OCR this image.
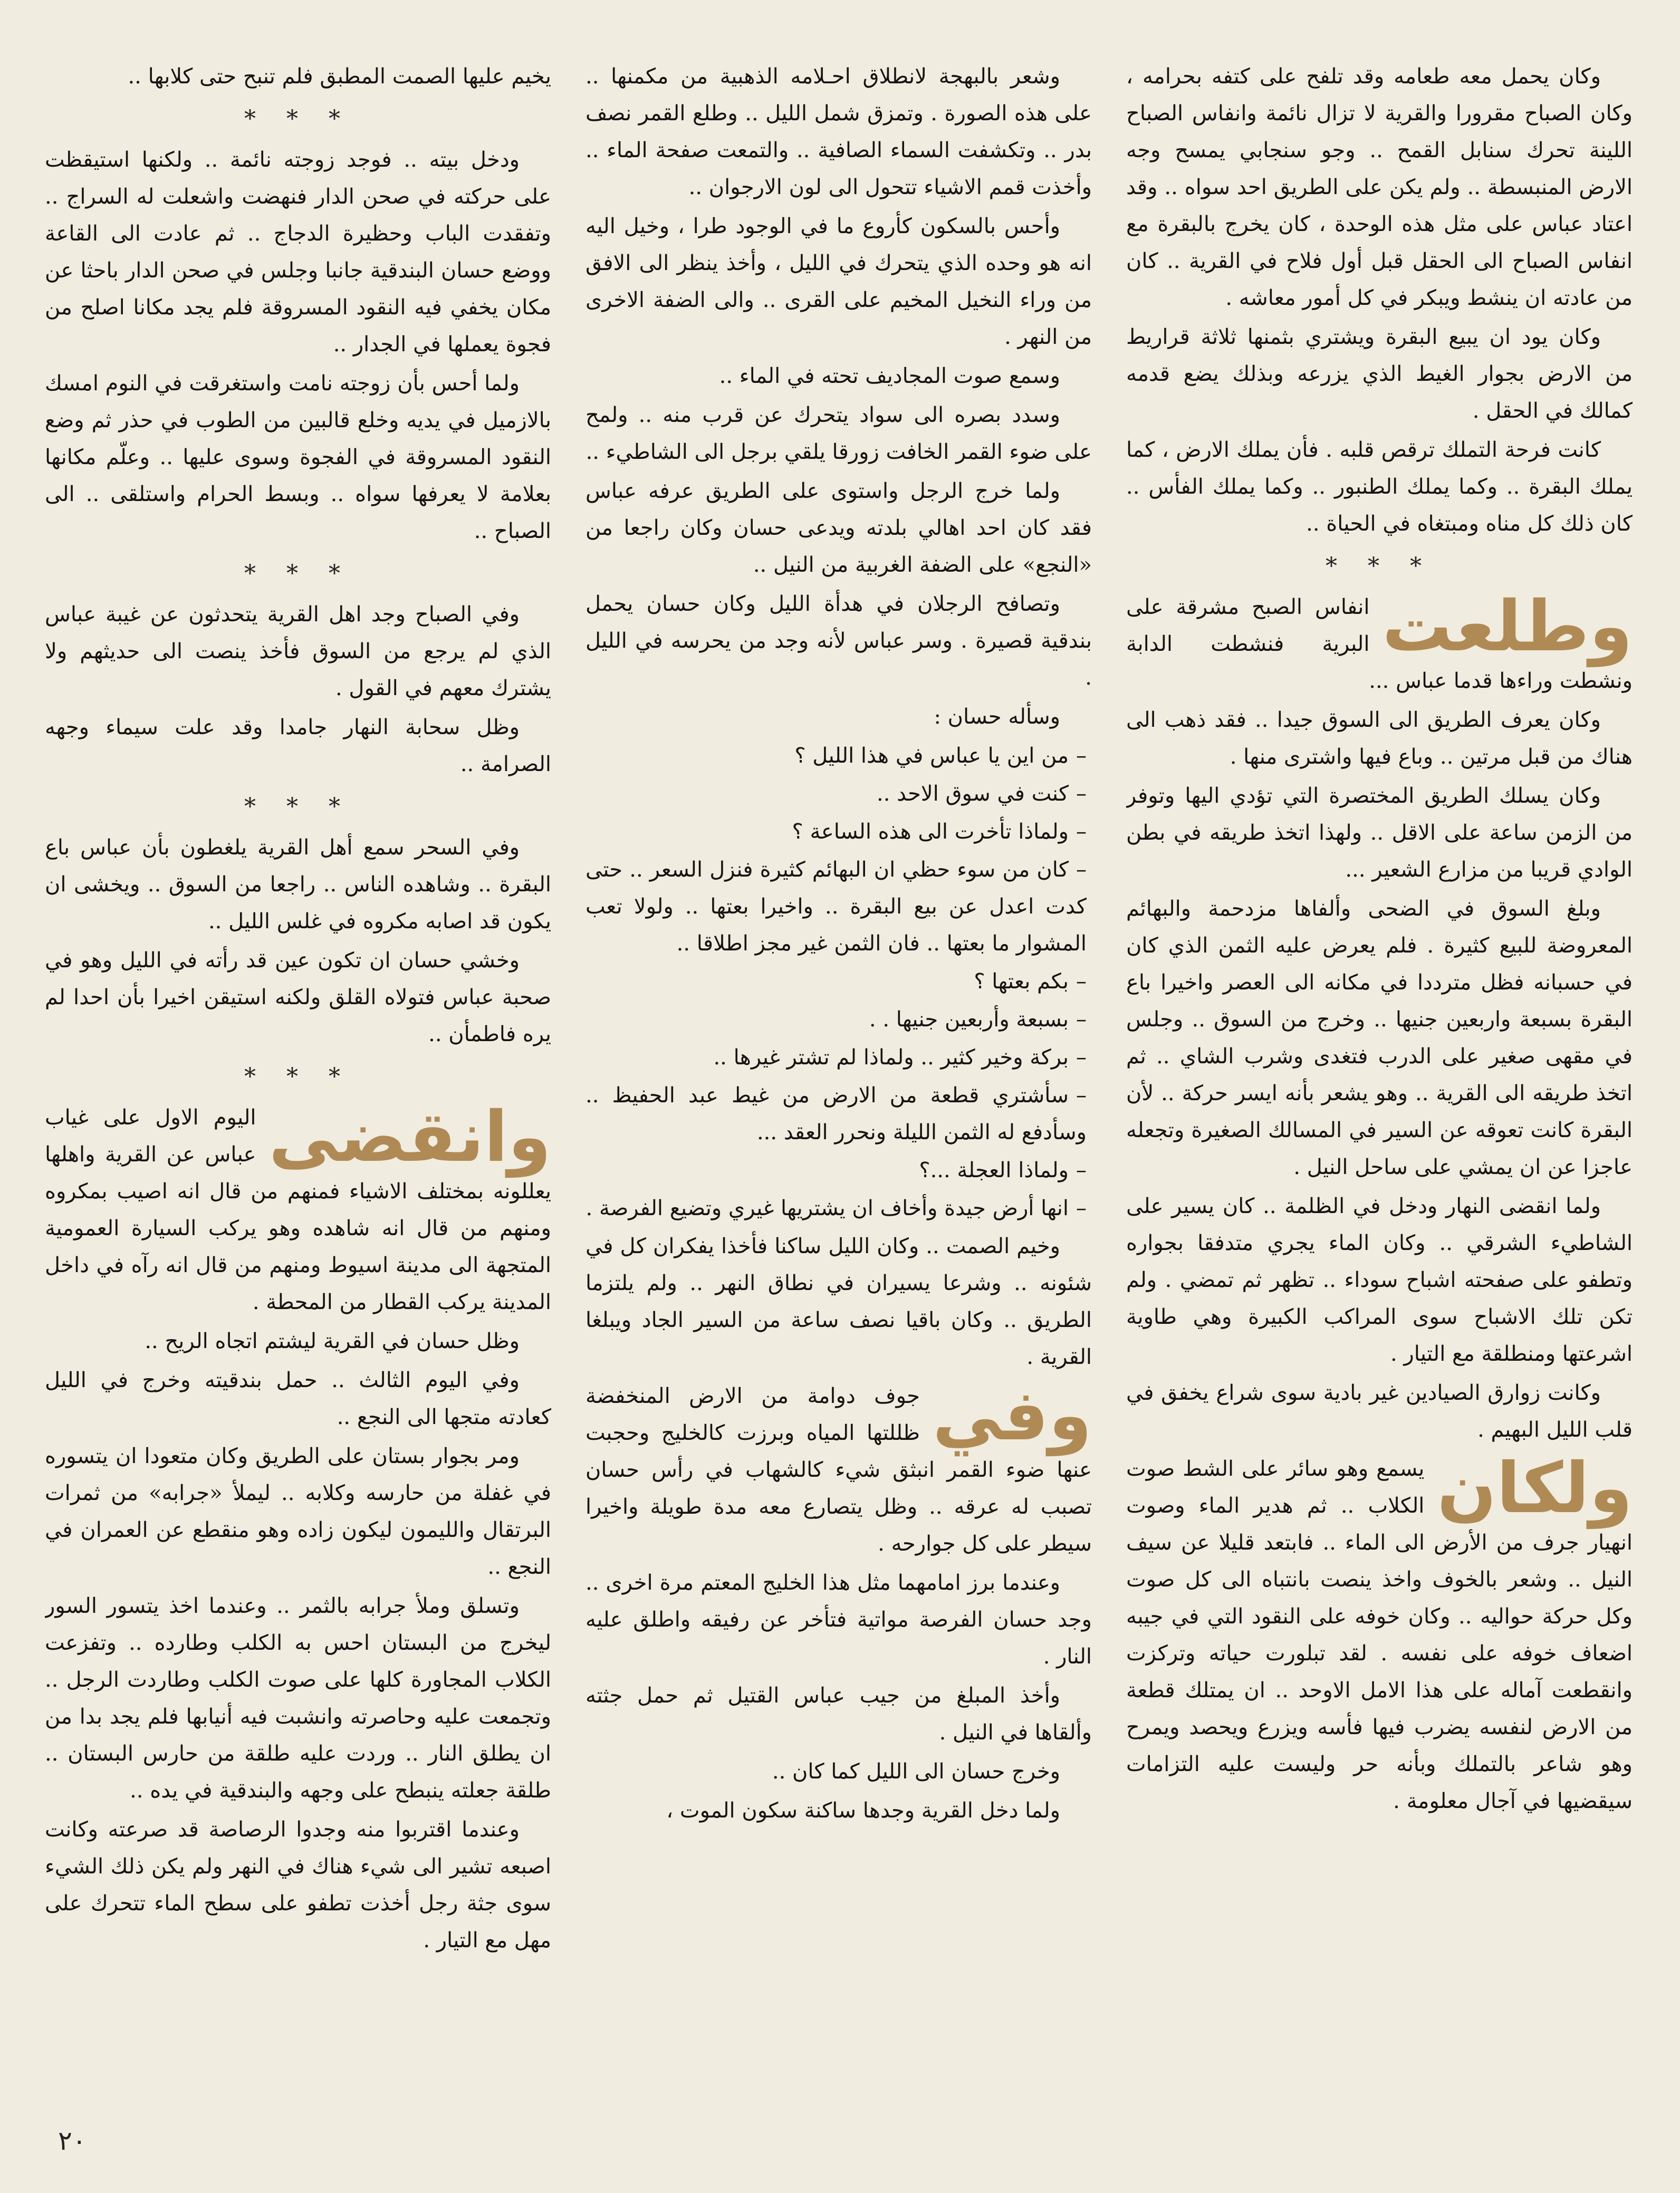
وكان يحمل معه طعامه وقد تلفح على كتفه بحرامه ، وكان الصباح مقرورا والقرية لا تزال نائمة وانفاس الصباح اللينة تحرك سنابل القمح .. وجو سنجابي يمسح وجه الارض المنبسطة .. ولم يكن على الطريق احد سواه .. وقد اعتاد عباس على مثل هذه الوحدة ، كان يخرج بالبقرة مع انفاس الصباح الى الحقل قبل أول فلاح في القرية .. كان من عادته ان ينشط ويبكر في كل أمور معاشه .

وكان يود ان يبيع البقرة ويشتري بثمنها ثلاثة قراريط من الارض بجوار الغيط الذي يزرعه وبذلك يضع قدمه كمالك في الحقل .

كانت فرحة التملك ترقص قلبه . فأن يملك الارض ، كما يملك البقرة .. وكما يملك الطنبور .. وكما يملك الفأس .. كان ذلك كل مناه ومبتغاه في الحياة ..

* * *
وطلعت

انفاس الصبح مشرقة على البرية فنشطت الدابة ونشطت وراءها قدما عباس ...

وكان يعرف الطريق الى السوق جيدا .. فقد ذهب الى هناك من قبل مرتين .. وباع فيها واشترى منها .

وكان يسلك الطريق المختصرة التي تؤدي اليها وتوفر من الزمن ساعة على الاقل .. ولهذا اتخذ طريقه في بطن الوادي قريبا من مزارع الشعير ...

وبلغ السوق في الضحى وألفاها مزدحمة والبهائم المعروضة للبيع كثيرة . فلم يعرض عليه الثمن الذي كان في حسبانه فظل مترددا في مكانه الى العصر واخيرا باع البقرة بسبعة واربعين جنيها .. وخرج من السوق .. وجلس في مقهى صغير على الدرب فتغدى وشرب الشاي .. ثم اتخذ طريقه الى القرية .. وهو يشعر بأنه ايسر حركة .. لأن البقرة كانت تعوقه عن السير في المسالك الصغيرة وتجعله عاجزا عن ان يمشي على ساحل النيل .

ولما انقضى النهار ودخل في الظلمة .. كان يسير على الشاطيء الشرقي .. وكان الماء يجري متدفقا بجواره وتطفو على صفحته اشباح سوداء .. تظهر ثم تمضي . ولم تكن تلك الاشباح سوى المراكب الكبيرة وهي طاوية اشرعتها ومنطلقة مع التيار .

وكانت زوارق الصيادين غير بادية سوى شراع يخفق في قلب الليل البهيم .

ولكان

يسمع وهو سائر على الشط صوت الكلاب .. ثم هدير الماء وصوت انهيار جرف من الأرض الى الماء .. فابتعد قليلا عن سيف النيل .. وشعر بالخوف واخذ ينصت بانتباه الى كل صوت وكل حركة حواليه .. وكان خوفه على النقود التي في جيبه اضعاف خوفه على نفسه . لقد تبلورت حياته وتركزت وانقطعت آماله على هذا الامل الاوحد .. ان يمتلك قطعة من الارض لنفسه يضرب فيها فأسه ويزرع ويحصد ويمرح وهو شاعر بالتملك وبأنه حر وليست عليه التزامات سيقضيها في آجال معلومة .

وشعر بالبهجة لانطلاق احـلامه الذهبية من مكمنها .. على هذه الصورة . وتمزق شمل الليل .. وطلع القمر نصف بدر .. وتكشفت السماء الصافية .. والتمعت صفحة الماء .. وأخذت قمم الاشياء تتحول الى لون الارجوان ..

وأحس بالسكون كأروع ما في الوجود طرا ، وخيل اليه انه هو وحده الذي يتحرك في الليل ، وأخذ ينظر الى الافق من وراء النخيل المخيم على القرى .. والى الضفة الاخرى من النهر .

وسمع صوت المجاديف تحته في الماء ..

وسدد بصره الى سواد يتحرك عن قرب منه .. ولمح على ضوء القمر الخافت زورقا يلقي برجل الى الشاطيء ..

ولما خرج الرجل واستوى على الطريق عرفه عباس فقد كان احد اهالي بلدته ويدعى حسان وكان راجعا من «النجع» على الضفة الغربية من النيل ..

وتصافح الرجلان في هدأة الليل وكان حسان يحمل بندقية قصيرة . وسر عباس لأنه وجد من يحرسه في الليل .

وسأله حسان :

–من اين يا عباس في هذا الليل ؟

–كنت في سوق الاحد ..

–ولماذا تأخرت الى هذه الساعة ؟

–كان من سوء حظي ان البهائم كثيرة فنزل السعر .. حتى كدت اعدل عن بيع البقرة .. واخيرا بعتها .. ولولا تعب المشوار ما بعتها .. فان الثمن غير مجز اطلاقا ..

–بكم بعتها ؟

–بسبعة وأربعين جنيها . .

–بركة وخير كثير .. ولماذا لم تشتر غيرها ..

–سأشتري قطعة من الارض من غيط عبد الحفيظ .. وسأدفع له الثمن الليلة ونحرر العقد ...

–ولماذا العجلة ...؟

–انها أرض جيدة وأخاف ان يشتريها غيري وتضيع الفرصة .

وخيم الصمت .. وكان الليل ساكنا فأخذا يفكران كل في شئونه .. وشرعا يسيران في نطاق النهر .. ولم يلتزما الطريق .. وكان باقيا نصف ساعة من السير الجاد ويبلغا القرية .

وفي

جوف دوامة من الارض المنخفضة ظللتها المياه وبرزت كالخليج وحجبت عنها ضوء القمر انبثق شيء كالشهاب في رأس حسان تصبب له عرقه .. وظل يتصارع معه مدة طويلة واخيرا سيطر على كل جوارحه .

وعندما برز امامهما مثل هذا الخليج المعتم مرة اخرى .. وجد حسان الفرصة مواتية فتأخر عن رفيقه واطلق عليه النار .

وأخذ المبلغ من جيب عباس القتيل ثم حمل جثته وألقاها في النيل .

وخرج حسان الى الليل كما كان ..

ولما دخل القرية وجدها ساكنة سكون الموت ،

يخيم عليها الصمت المطبق فلم تنبح حتى كلابها ..

* * *

ودخل بيته .. فوجد زوجته نائمة .. ولكنها استيقظت على حركته في صحن الدار فنهضت واشعلت له السراج .. وتفقدت الباب وحظيرة الدجاج .. ثم عادت الى القاعة ووضع حسان البندقية جانبا وجلس في صحن الدار باحثا عن مكان يخفي فيه النقود المسروقة فلم يجد مكانا اصلح من فجوة يعملها في الجدار ..

ولما أحس بأن زوجته نامت واستغرقت في النوم امسك بالازميل في يديه وخلع قالبين من الطوب في حذر ثم وضع النقود المسروقة في الفجوة وسوى عليها .. وعلّم مكانها بعلامة لا يعرفها سواه .. وبسط الحرام واستلقى .. الى الصباح ..

* * *

وفي الصباح وجد اهل القرية يتحدثون عن غيبة عباس الذي لم يرجع من السوق فأخذ ينصت الى حديثهم ولا يشترك معهم في القول .

وظل سحابة النهار جامدا وقد علت سيماء وجهه الصرامة ..

* * *

وفي السحر سمع أهل القرية يلغطون بأن عباس باع البقرة .. وشاهده الناس .. راجعا من السوق .. ويخشى ان يكون قد اصابه مكروه في غلس الليل ..

وخشي حسان ان تكون عين قد رأته في الليل وهو في صحبة عباس فتولاه القلق ولكنه استيقن اخيرا بأن احدا لم يره فاطمأن ..

* * *
وانقضى

اليوم الاول على غياب عباس عن القرية واهلها يعللونه بمختلف الاشياء فمنهم من قال انه اصيب بمكروه ومنهم من قال انه شاهده وهو يركب السيارة العمومية المتجهة الى مدينة اسيوط ومنهم من قال انه رآه في داخل المدينة يركب القطار من المحطة .

وظل حسان في القرية ليشتم اتجاه الريح ..

وفي اليوم الثالث .. حمل بندقيته وخرج في الليل كعادته متجها الى النجع ..

ومر بجوار بستان على الطريق وكان متعودا ان يتسوره في غفلة من حارسه وكلابه .. ليملأ «جرابه» من ثمرات البرتقال والليمون ليكون زاده وهو منقطع عن العمران في النجع ..

وتسلق وملأ جرابه بالثمر .. وعندما اخذ يتسور السور ليخرج من البستان احس به الكلب وطارده .. وتفزعت الكلاب المجاورة كلها على صوت الكلب وطاردت الرجل .. وتجمعت عليه وحاصرته وانشبت فيه أنيابها فلم يجد بدا من ان يطلق النار .. وردت عليه طلقة من حارس البستان .. طلقة جعلته ينبطح على وجهه والبندقية في يده ..

وعندما اقتربوا منه وجدوا الرصاصة قد صرعته وكانت اصبعه تشير الى شيء هناك في النهر ولم يكن ذلك الشيء سوى جثة رجل أخذت تطفو على سطح الماء تتحرك على مهل مع التيار .

٢٠
